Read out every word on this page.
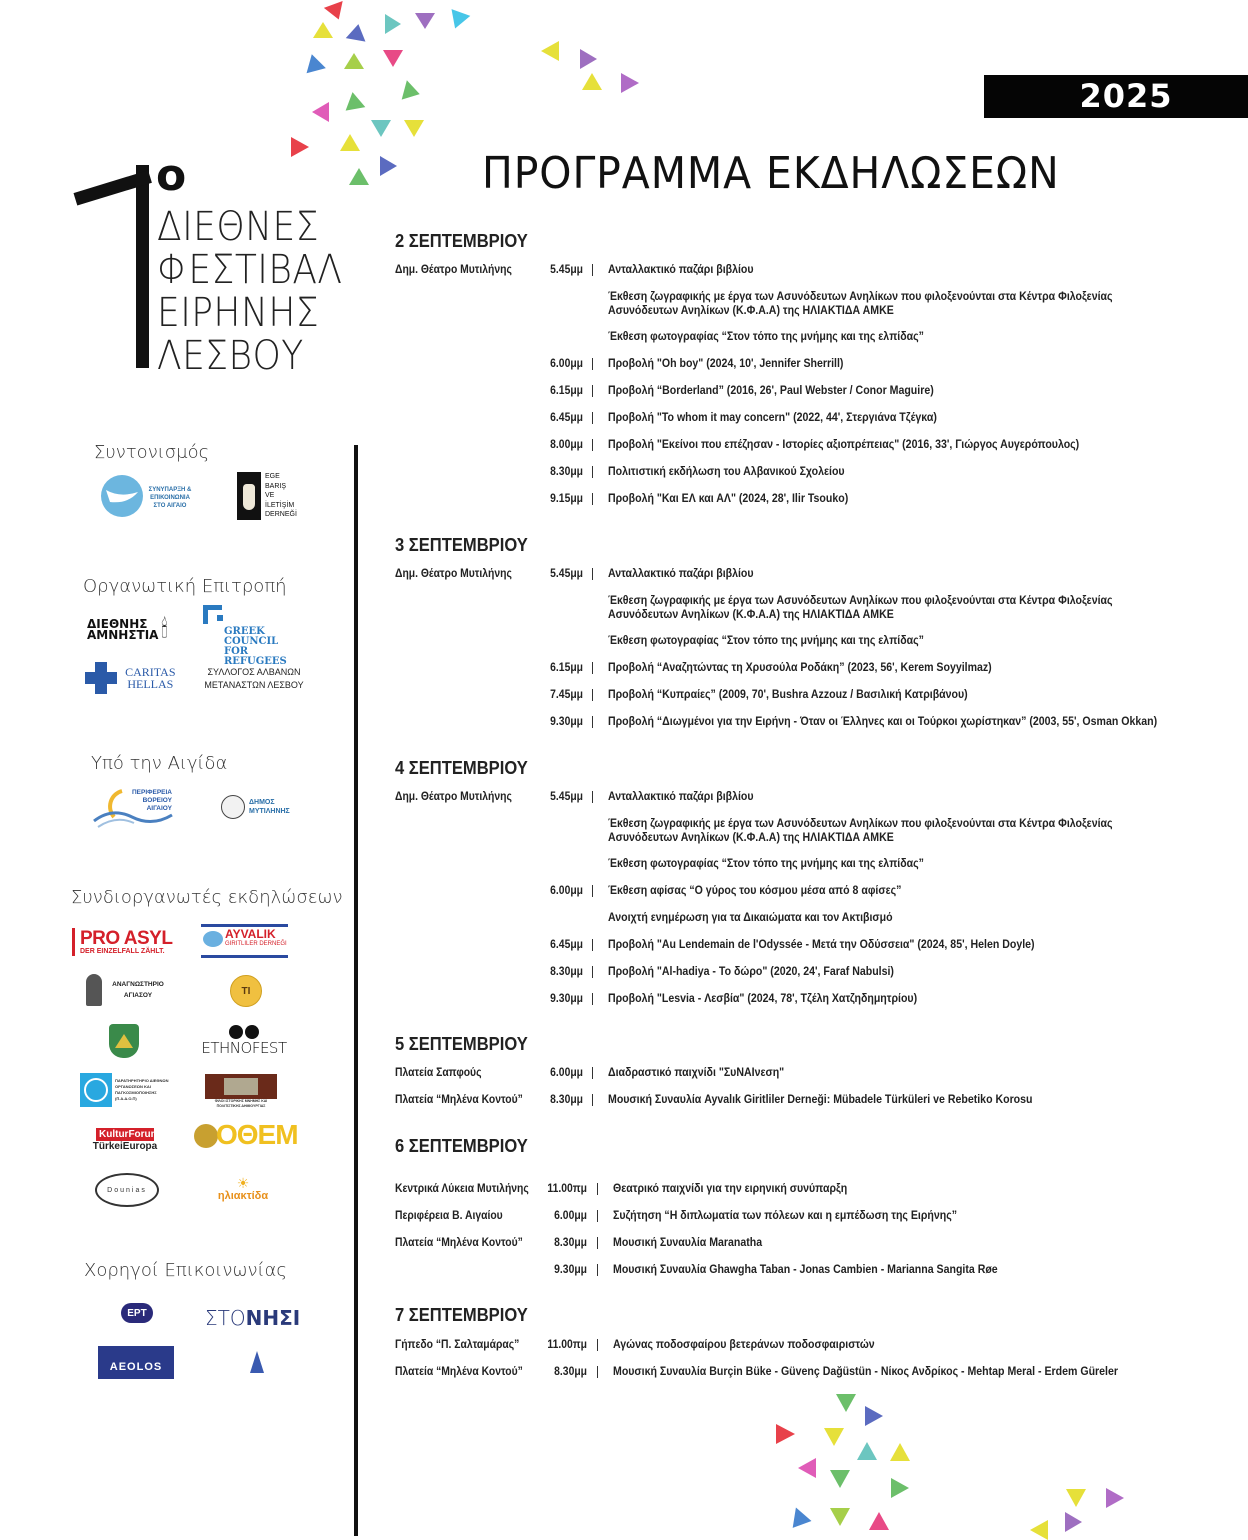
2025
ΠΡΟΓΡΑΜΜΑ ΕΚΔΗΛΩΣΕΩΝ
ο
ΔΙΕΘΝΕΣ
ΦΕΣΤΙΒΑΛ
ΕΙΡΗΝΗΣ
ΛΕΣΒΟΥ
Συντονισμός
ΣΥΝΥΠΑΡΞΗ & ΕΠΙΚΟΙΝΩΝΙΑ ΣΤΟ ΑΙΓΑΙΟ
EGE BARIŞ VE İLETİŞİM DERNEĞİ
Οργανωτική Επιτροπή
ΔΙΕΘΝΗΣ ΑΜΝΗΣΤΙΑ 🕯	GREEK COUNCIL FOR REFUGEES
CARITAS HELLAS
ΣΥΛΛΟΓΟΣ ΑΛΒΑΝΩΝ ΜΕΤΑΝΑΣΤΩΝ ΛΕΣΒΟΥ
Υπό την Αιγίδα
ΠΕΡΙΦΕΡΕΙΑ ΒΟΡΕΙΟΥ ΑΙΓΑΙΟΥ
ΔΗΜΟΣ ΜΥΤΙΛΗΝΗΣ
Συνδιοργανωτές εκδηλώσεων
PRO ASYL
DER EINZELFALL ZÄHLT.
AYVALIK
GIRITLILER DERNEĞI
ΑΝΑΓΝΩΣΤΗΡΙΟ ΑΓΙΑΣΟΥ	ΤΙ
ETHNOFEST
ΠΑΡΑΤΗΡΗΤΗΡΙΟ ΔΙΕΘΝΩΝ ΟΡΓΑΝΩΣΕΩΝ ΚΑΙ ΠΑΓΚΟΣΜΙΟΠΟΙΗΣΗΣ (Π.Α.Δ.Ο.Π)	ΦΙΛΟΙ ΙΣΤΟΡΙΚΗΣ ΜΝΗΜΗΣ ΚΑΙ ΠΟΛΙΤΙΣΤΙΚΗΣ ΔΗΜΙΟΥΡΓΙΑΣ
KulturForum
TürkeiEuropa ΟΘΕΜ
Dounias	☀
ηλιακτίδα
Χορηγοί Επικοινωνίας
ΕΡΤ	ΣΤΟ ΝΗΣΙ
AEOLOS
2 ΣΕΠΤΕΜΒΡΙΟΥ
Δημ. Θέατρο Μυτιλήνης	5.45μμ Ανταλλακτικό παζάρι βιβλίου
Έκθεση ζωγραφικής με έργα των Ασυνόδευτων Ανηλίκων που φιλοξενούνται στα Κέντρα Φιλοξενίας Ασυνόδευτων Ανηλίκων (Κ.Φ.Α.Α) της ΗΛΙΑΚΤΙΔΑ ΑΜΚΕ
Έκθεση φωτογραφίας “Στον τόπο της μνήμης και της ελπίδας”
6.00μμ Προβολή "Oh boy" (2024, 10', Jennifer Sherrill)
6.15μμ Προβολή “Borderland” (2016, 26', Paul Webster / Conor Maguire)
6.45μμ Προβολή "To whom it may concern" (2022, 44', Στεργιάνα Τζέγκα)
8.00μμ Προβολή "Εκείνοι που επέζησαν - Ιστορίες αξιοπρέπειας" (2016, 33', Γιώργος Αυγερόπουλος)
8.30μμ Πολιτιστική εκδήλωση του Αλβανικού Σχολείου
9.15μμ Προβολή "Και ΕΛ και ΑΛ" (2024, 28', Ilir Tsouko)
3 ΣΕΠΤΕΜΒΡΙΟΥ
Δημ. Θέατρο Μυτιλήνης	5.45μμ Ανταλλακτικό παζάρι βιβλίου
Έκθεση ζωγραφικής με έργα των Ασυνόδευτων Ανηλίκων που φιλοξενούνται στα Κέντρα Φιλοξενίας Ασυνόδευτων Ανηλίκων (Κ.Φ.Α.Α) της ΗΛΙΑΚΤΙΔΑ ΑΜΚΕ
Έκθεση φωτογραφίας “Στον τόπο της μνήμης και της ελπίδας”
6.15μμ Προβολή “Αναζητώντας τη Χρυσούλα Ροδάκη” (2023, 56', Kerem Soyyilmaz)
7.45μμ Προβολή “Κυπραίες” (2009, 70', Bushra Azzouz / Βασιλική Κατριβάνου)
9.30μμ Προβολή “Διωγμένοι για την Ειρήνη - Όταν οι Έλληνες και οι Τούρκοι χωρίστηκαν” (2003, 55', Osman Okkan)
4 ΣΕΠΤΕΜΒΡΙΟΥ
Δημ. Θέατρο Μυτιλήνης	5.45μμ Ανταλλακτικό παζάρι βιβλίου
Έκθεση ζωγραφικής με έργα των Ασυνόδευτων Ανηλίκων που φιλοξενούνται στα Κέντρα Φιλοξενίας Ασυνόδευτων Ανηλίκων (Κ.Φ.Α.Α) της ΗΛΙΑΚΤΙΔΑ ΑΜΚΕ
Έκθεση φωτογραφίας “Στον τόπο της μνήμης και της ελπίδας”
6.00μμ Έκθεση αφίσας “Ο γύρος του κόσμου μέσα από 8 αφίσες”
Ανοιχτή ενημέρωση για τα Δικαιώματα και τον Ακτιβισμό
6.45μμ Προβολή "Au Lendemain de l'Odyssée - Μετά την Οδύσσεια" (2024, 85', Helen Doyle)
8.30μμ Προβολή "Al-hadiya - Το δώρο" (2020, 24', Faraf Nabulsi)
9.30μμ Προβολή "Lesvia - Λεσβία" (2024, 78', Τζέλη Χατζηδημητρίου)
5 ΣΕΠΤΕΜΒΡΙΟΥ
Πλατεία Σαπφούς	6.00μμ Διαδραστικό παιχνίδι "ΣυΝΑΙνεση"
Πλατεία “Μηλένα Κοντού”	8.30μμ Μουσική Συναυλία Ayvalık Giritliler Derneği: Mübadele Türküleri ve Rebetiko Korosu
6 ΣΕΠΤΕΜΒΡΙΟΥ
Κεντρικά Λύκεια Μυτιλήνης	11.00πμ Θεατρικό παιχνίδι για την ειρηνική συνύπαρξη
Περιφέρεια Β. Αιγαίου	6.00μμ Συζήτηση “Η διπλωματία των πόλεων και η εμπέδωση της Ειρήνης”
Πλατεία “Μηλένα Κοντού”	8.30μμ Μουσική Συναυλία Maranatha
9.30μμ Μουσική Συναυλία Ghawgha Taban - Jonas Cambien - Marianna Sangita Røe
7 ΣΕΠΤΕΜΒΡΙΟΥ
Γήπεδο “Π. Σαλταμάρας”	11.00πμ Αγώνας ποδοσφαίρου βετεράνων ποδοσφαιριστών
Πλατεία “Μηλένα Κοντού”	8.30μμ Μουσική Συναυλία Burçin Büke - Güvenç Dağüstün - Νίκος Ανδρίκος - Mehtap Meral - Erdem Güreler
